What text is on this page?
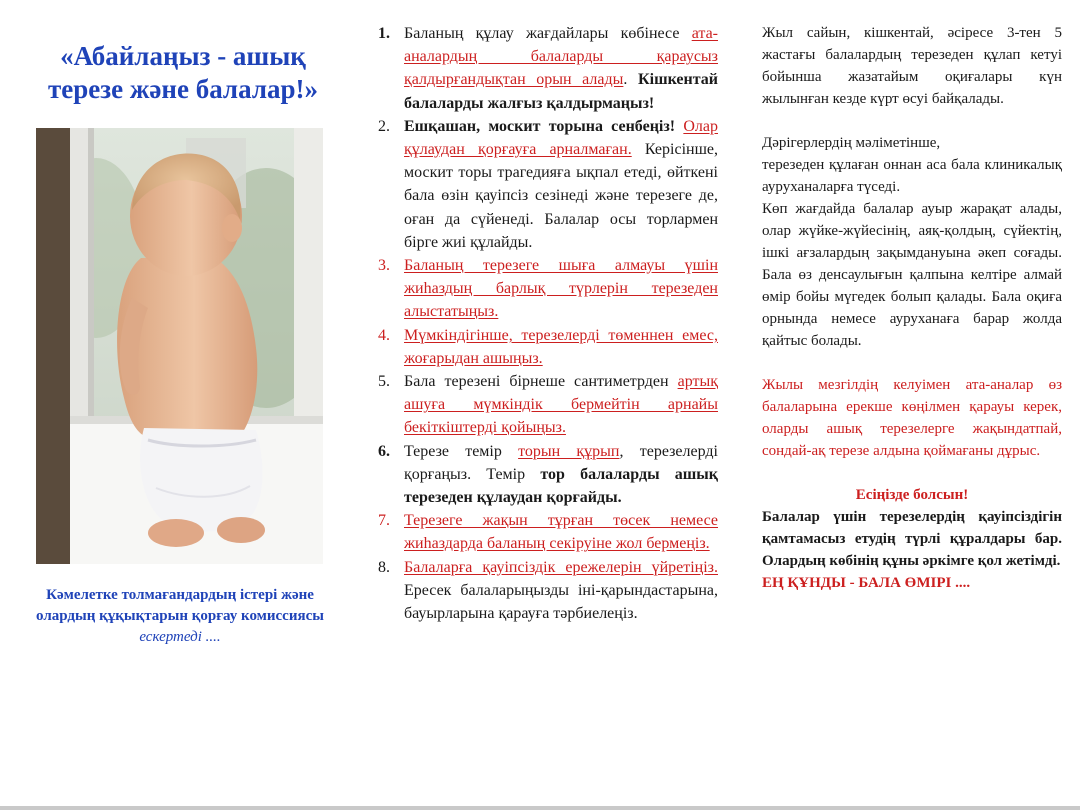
«Абайлаңыз - ашық терезе және балалар!»
Кәмелетке толмағандардың істері және олардың құқықтарын қорғау комиссиясы
ескертеді ....
1. Баланың құлау жағдайлары көбінесе ата-аналардың балаларды қараусыз қалдырғандықтан орын алады. Кішкентай балаларды жалғыз қалдырмаңыз!
2. Ешқашан, москит торына сенбеңіз! Олар құлаудан қорғауға арналмаған. Керісінше, москит торы трагедияға ықпал етеді, өйткені бала өзін қауіпсіз сезінеді және терезеге де, оған да сүйенеді. Балалар осы торлармен бірге жиі құлайды.
3. Баланың терезеге шыға алмауы үшін жиһаздың барлық түрлерін терезеден алыстатыңыз.
4. Мүмкіндігінше, терезелерді төменнен емес, жоғарыдан ашыңыз.
5. Бала терезені бірнеше сантиметрден артық ашуға мүмкіндік бермейтін арнайы бекіткіштерді қойыңыз.
6. Терезе темір торын құрып, терезелерді қорғаңыз. Темір тор балаларды ашық терезеден құлаудан қорғайды.
7. Терезеге жақын тұрған төсек немесе жиһаздарда баланың секіруіне жол бермеңіз.
8. Балаларға қауіпсіздік ережелерін үйретіңіз. Ересек балаларыңызды іні-қарындастарына, бауырларына қарауға тәрбиелеңіз.

Жыл сайын, кішкентай, әсіресе 3-тен 5 жастағы балалардың терезеден құлап кетуі бойынша жазатайым оқиғалары күн жылынған кезде күрт өсуі байқалады.

Дәрігерлердің мәліметінше,

терезеден құлаған оннан аса бала клиникалық ауруханаларға түседі.

Көп жағдайда балалар ауыр жарақат алады, олар жүйке-жүйесінің, аяқ-қолдың, сүйектің, ішкі ағзалардың зақымдануына әкеп соғады. Бала өз денсаулығын қалпына келтіре алмай өмір бойы мүгедек болып қалады. Бала оқиға орнында немесе ауруханаға барар жолда қайтыс болады.

Жылы мезгілдің келуімен ата-аналар өз балаларына ерекше көңілмен қарауы керек, оларды ашық терезелерге жақындатпай, сондай-ақ терезе алдына қоймағаны дұрыс.

Есіңізде болсын!

Балалар үшін терезелердің қауіпсіздігін қамтамасыз етудің түрлі құралдары бар. Олардың көбінің құны әркімге қол жетімді.

ЕҢ ҚҰНДЫ - БАЛА ӨМІРІ ....
